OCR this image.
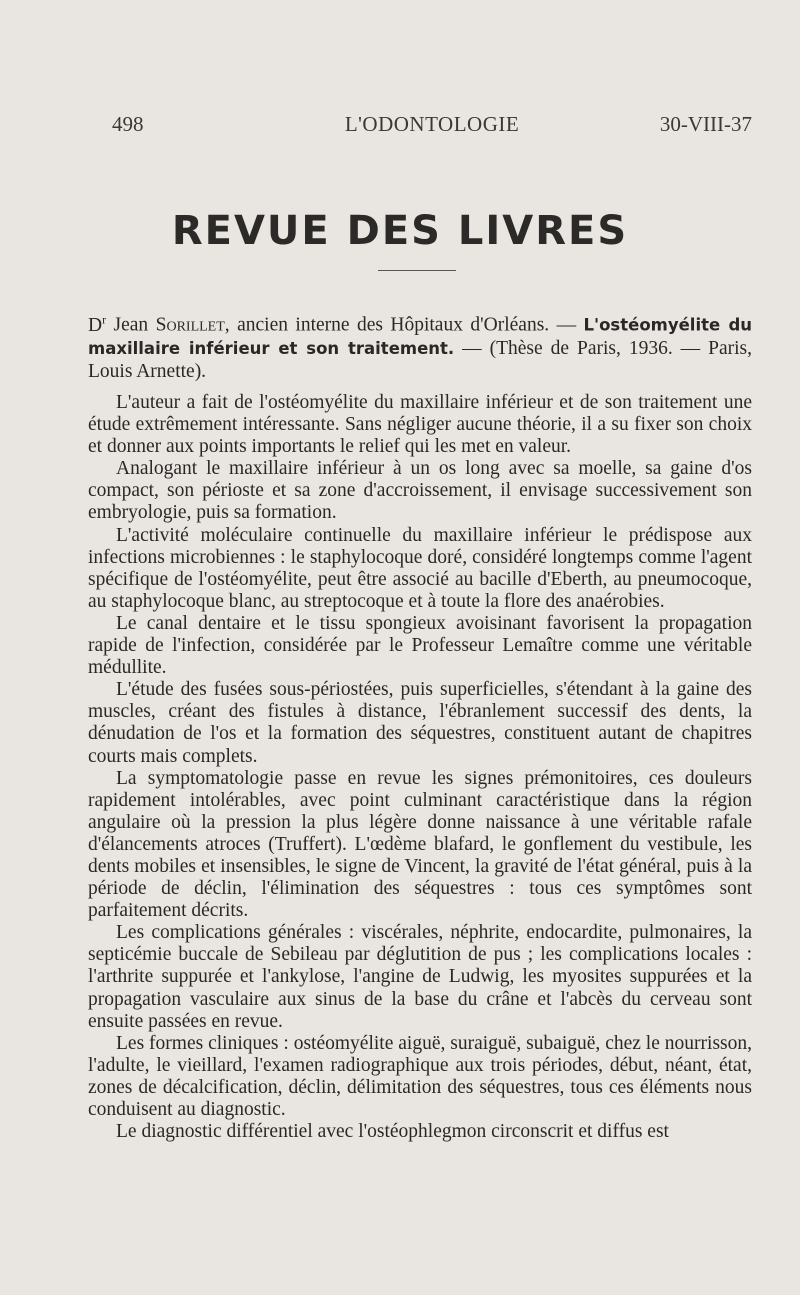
498	L'ODONTOLOGIE	30-VIII-37
REVUE DES LIVRES
$D^r$ Jean Sorillet, ancien interne des Hôpitaux d'Orléans. — L'ostéomyélite du maxillaire inférieur et son traitement. — (Thèse de Paris, 1936. — Paris, Louis Arnette).

L'auteur a fait de l'ostéomyélite du maxillaire inférieur et de son traitement une étude extrêmement intéressante. Sans négliger aucune théorie, il a su fixer son choix et donner aux points importants le relief qui les met en valeur.

Analogant le maxillaire inférieur à un os long avec sa moelle, sa gaine d'os compact, son périoste et sa zone d'accroissement, il envisage successivement son embryologie, puis sa formation.

L'activité moléculaire continuelle du maxillaire inférieur le prédispose aux infections microbiennes : le staphylocoque doré, considéré longtemps comme l'agent spécifique de l'ostéomyélite, peut être associé au bacille d'Eberth, au pneumocoque, au staphylocoque blanc, au streptocoque et à toute la flore des anaérobies.

Le canal dentaire et le tissu spongieux avoisinant favorisent la propagation rapide de l'infection, considérée par le Professeur Lemaître comme une véritable médullite.

L'étude des fusées sous-périostées, puis superficielles, s'étendant à la gaine des muscles, créant des fistules à distance, l'ébranlement successif des dents, la dénudation de l'os et la formation des séquestres, constituent autant de chapitres courts mais complets.

La symptomatologie passe en revue les signes prémonitoires, ces douleurs rapidement intolérables, avec point culminant caractéristique dans la région angulaire où la pression la plus légère donne naissance à une véritable rafale d'élancements atroces (Truffert). L'œdème blafard, le gonflement du vestibule, les dents mobiles et insensibles, le signe de Vincent, la gravité de l'état général, puis à la période de déclin, l'élimination des séquestres : tous ces symptômes sont parfaitement décrits.

Les complications générales : viscérales, néphrite, endocardite, pulmonaires, la septicémie buccale de Sebileau par déglutition de pus ; les complications locales : l'arthrite suppurée et l'ankylose, l'angine de Ludwig, les myosites suppurées et la propagation vasculaire aux sinus de la base du crâne et l'abcès du cerveau sont ensuite passées en revue.

Les formes cliniques : ostéomyélite aiguë, suraiguë, subaiguë, chez le nourrisson, l'adulte, le vieillard, l'examen radiographique aux trois périodes, début, néant, état, zones de décalcification, déclin, délimitation des séquestres, tous ces éléments nous conduisent au diagnostic.

Le diagnostic différentiel avec l'ostéophlegmon circonscrit et diffus est
